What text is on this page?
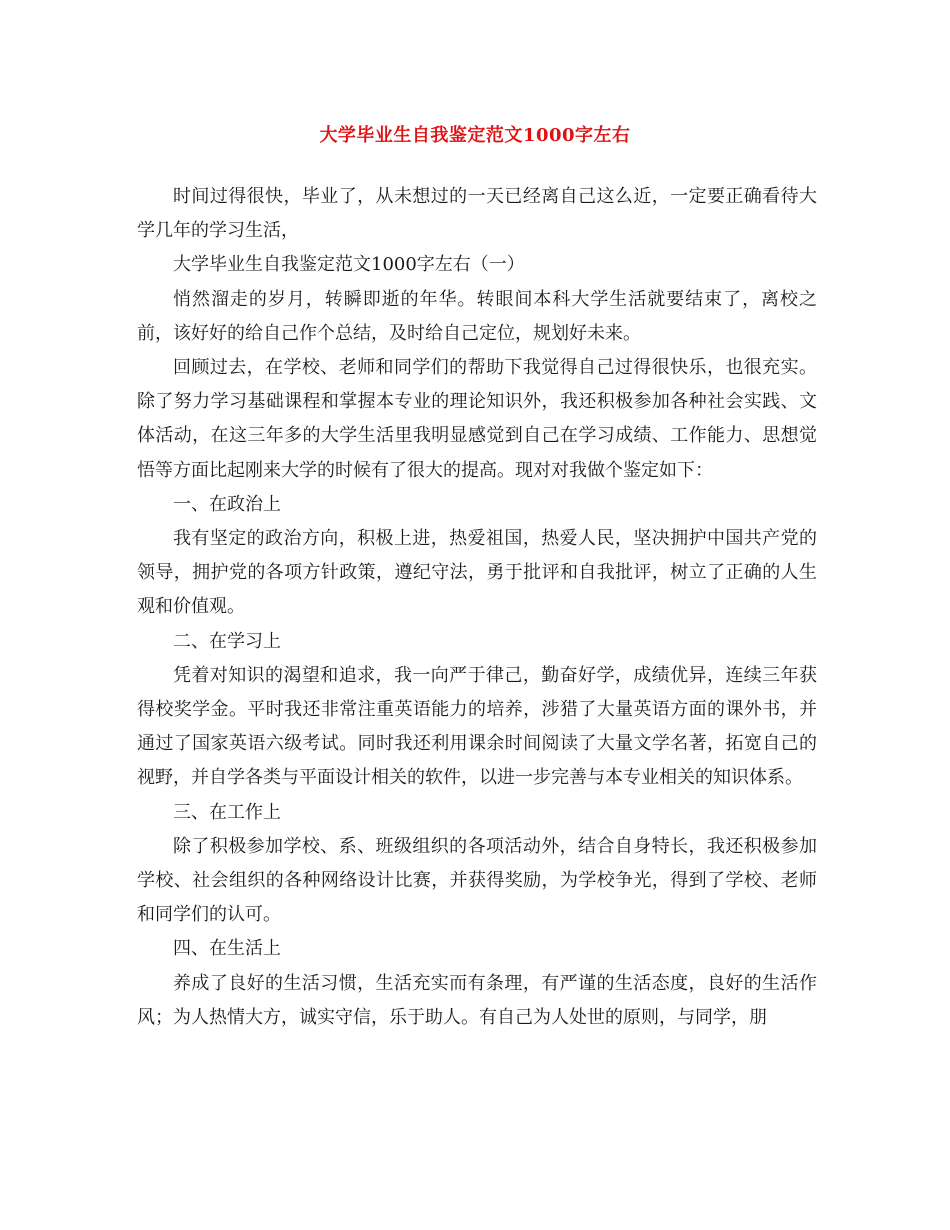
大学毕业生自我鉴定范文1000字左右

时间过得很快，毕业了，从未想过的一天已经离自己这么近，一定要正确看待大学几年的学习生活，

大学毕业生自我鉴定范文1000字左右（一）

悄然溜走的岁月，转瞬即逝的年华。转眼间本科大学生活就要结束了，离校之前，该好好的给自己作个总结，及时给自己定位，规划好未来。

回顾过去，在学校、老师和同学们的帮助下我觉得自己过得很快乐，也很充实。除了努力学习基础课程和掌握本专业的理论知识外，我还积极参加各种社会实践、文体活动，在这三年多的大学生活里我明显感觉到自己在学习成绩、工作能力、思想觉悟等方面比起刚来大学的时候有了很大的提高。现对对我做个鉴定如下：

一、在政治上

我有坚定的政治方向，积极上进，热爱祖国，热爱人民，坚决拥护中国共产党的领导，拥护党的各项方针政策，遵纪守法，勇于批评和自我批评，树立了正确的人生观和价值观。

二、在学习上

凭着对知识的渴望和追求，我一向严于律己，勤奋好学，成绩优异，连续三年获得校奖学金。平时我还非常注重英语能力的培养，涉猎了大量英语方面的课外书，并通过了国家英语六级考试。同时我还利用课余时间阅读了大量文学名著，拓宽自己的视野，并自学各类与平面设计相关的软件，以进一步完善与本专业相关的知识体系。

三、在工作上

除了积极参加学校、系、班级组织的各项活动外，结合自身特长，我还积极参加学校、社会组织的各种网络设计比赛，并获得奖励，为学校争光，得到了学校、老师和同学们的认可。

四、在生活上

养成了良好的生活习惯，生活充实而有条理，有严谨的生活态度，良好的生活作风；为人热情大方，诚实守信，乐于助人。有自己为人处世的原则，与同学，朋
